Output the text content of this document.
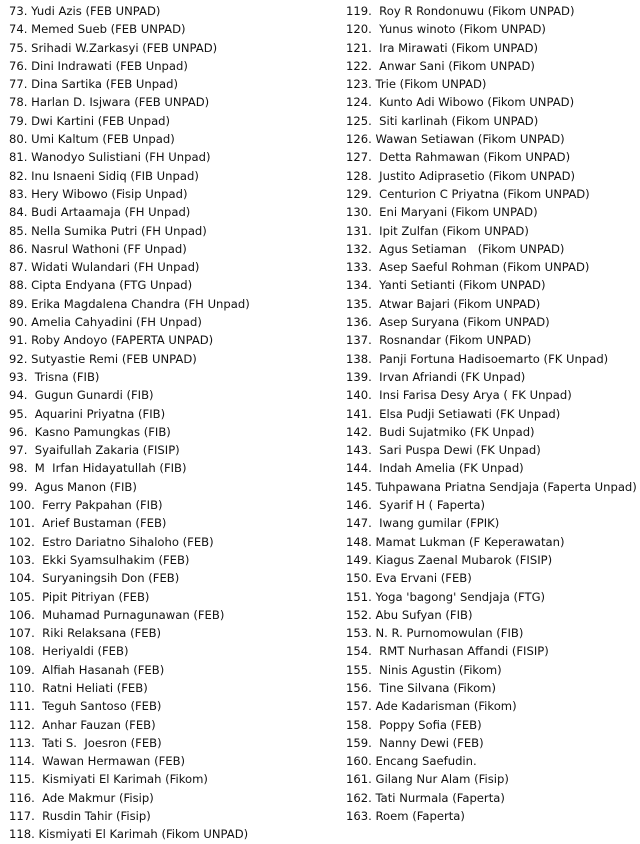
73. Yudi Azis (FEB UNPAD)
74. Memed Sueb (FEB UNPAD)
75. Srihadi W.Zarkasyi (FEB UNPAD)
76. Dini Indrawati (FEB Unpad)
77. Dina Sartika (FEB Unpad)
78. Harlan D. Isjwara (FEB UNPAD)
79. Dwi Kartini (FEB Unpad)
80. Umi Kaltum (FEB Unpad)
81. Wanodyo Sulistiani (FH Unpad)
82. Inu Isnaeni Sidiq (FIB Unpad)
83. Hery Wibowo (Fisip Unpad)
84. Budi Artaamaja (FH Unpad)
85. Nella Sumika Putri (FH Unpad)
86. Nasrul Wathoni (FF Unpad)
87. Widati Wulandari (FH Unpad)
88. Cipta Endyana (FTG Unpad)
89. Erika Magdalena Chandra (FH Unpad)
90. Amelia Cahyadini (FH Unpad)
91. Roby Andoyo (FAPERTA UNPAD)
92. Sutyastie Remi (FEB UNPAD)
93.  Trisna (FIB)
94.  Gugun Gunardi (FIB)
95.  Aquarini Priyatna (FIB)
96.  Kasno Pamungkas (FIB)
97.  Syaifullah Zakaria (FISIP)
98.  M  Irfan Hidayatullah (FIB)
99.  Agus Manon (FIB)
100.  Ferry Pakpahan (FIB)
101.  Arief Bustaman (FEB)
102.  Estro Dariatno Sihaloho (FEB)
103.  Ekki Syamsulhakim (FEB)
104.  Suryaningsih Don (FEB)
105.  Pipit Pitriyan (FEB)
106.  Muhamad Purnagunawan (FEB)
107.  Riki Relaksana (FEB)
108.  Heriyaldi (FEB)
109.  Alfiah Hasanah (FEB)
110.  Ratni Heliati (FEB)
111.  Teguh Santoso (FEB)
112.  Anhar Fauzan (FEB)
113.  Tati S.  Joesron (FEB)
114.  Wawan Hermawan (FEB)
115.  Kismiyati El Karimah (Fikom)
116.  Ade Makmur (Fisip)
117.  Rusdin Tahir (Fisip)
118. Kismiyati El Karimah (Fikom UNPAD)
119.  Roy R Rondonuwu (Fikom UNPAD)
120.  Yunus winoto (Fikom UNPAD)
121.  Ira Mirawati (Fikom UNPAD)
122.  Anwar Sani (Fikom UNPAD)
123. Trie (Fikom UNPAD)
124.  Kunto Adi Wibowo (Fikom UNPAD)
125.  Siti karlinah (Fikom UNPAD)
126. Wawan Setiawan (Fikom UNPAD)
127.  Detta Rahmawan (Fikom UNPAD)
128.  Justito Adiprasetio (Fikom UNPAD)
129.  Centurion C Priyatna (Fikom UNPAD)
130.  Eni Maryani (Fikom UNPAD)
131.  Ipit Zulfan (Fikom UNPAD)
132.  Agus Setiaman   (Fikom UNPAD)
133.  Asep Saeful Rohman (Fikom UNPAD)
134.  Yanti Setianti (Fikom UNPAD)
135.  Atwar Bajari (Fikom UNPAD)
136.  Asep Suryana (Fikom UNPAD)
137.  Rosnandar (Fikom UNPAD)
138.  Panji Fortuna Hadisoemarto (FK Unpad)
139.  Irvan Afriandi (FK Unpad)
140.  Insi Farisa Desy Arya ( FK Unpad)
141.  Elsa Pudji Setiawati (FK Unpad)
142.  Budi Sujatmiko (FK Unpad)
143.  Sari Puspa Dewi (FK Unpad)
144.  Indah Amelia (FK Unpad)
145. Tuhpawana Priatna Sendjaja (Faperta Unpad)
146.  Syarif H ( Faperta)
147.  Iwang gumilar (FPIK)
148. Mamat Lukman (F Keperawatan)
149. Kiagus Zaenal Mubarok (FISIP)
150. Eva Ervani (FEB)
151. Yoga 'bagong' Sendjaja (FTG)
152. Abu Sufyan (FIB)
153. N. R. Purnomowulan (FIB)
154.  RMT Nurhasan Affandi (FISIP)
155.  Ninis Agustin (Fikom)
156.  Tine Silvana (Fikom)
157. Ade Kadarisman (Fikom)
158.  Poppy Sofia (FEB)
159.  Nanny Dewi (FEB)
160. Encang Saefudin.
161. Gilang Nur Alam (Fisip)
162. Tati Nurmala (Faperta)
163. Roem (Faperta)
